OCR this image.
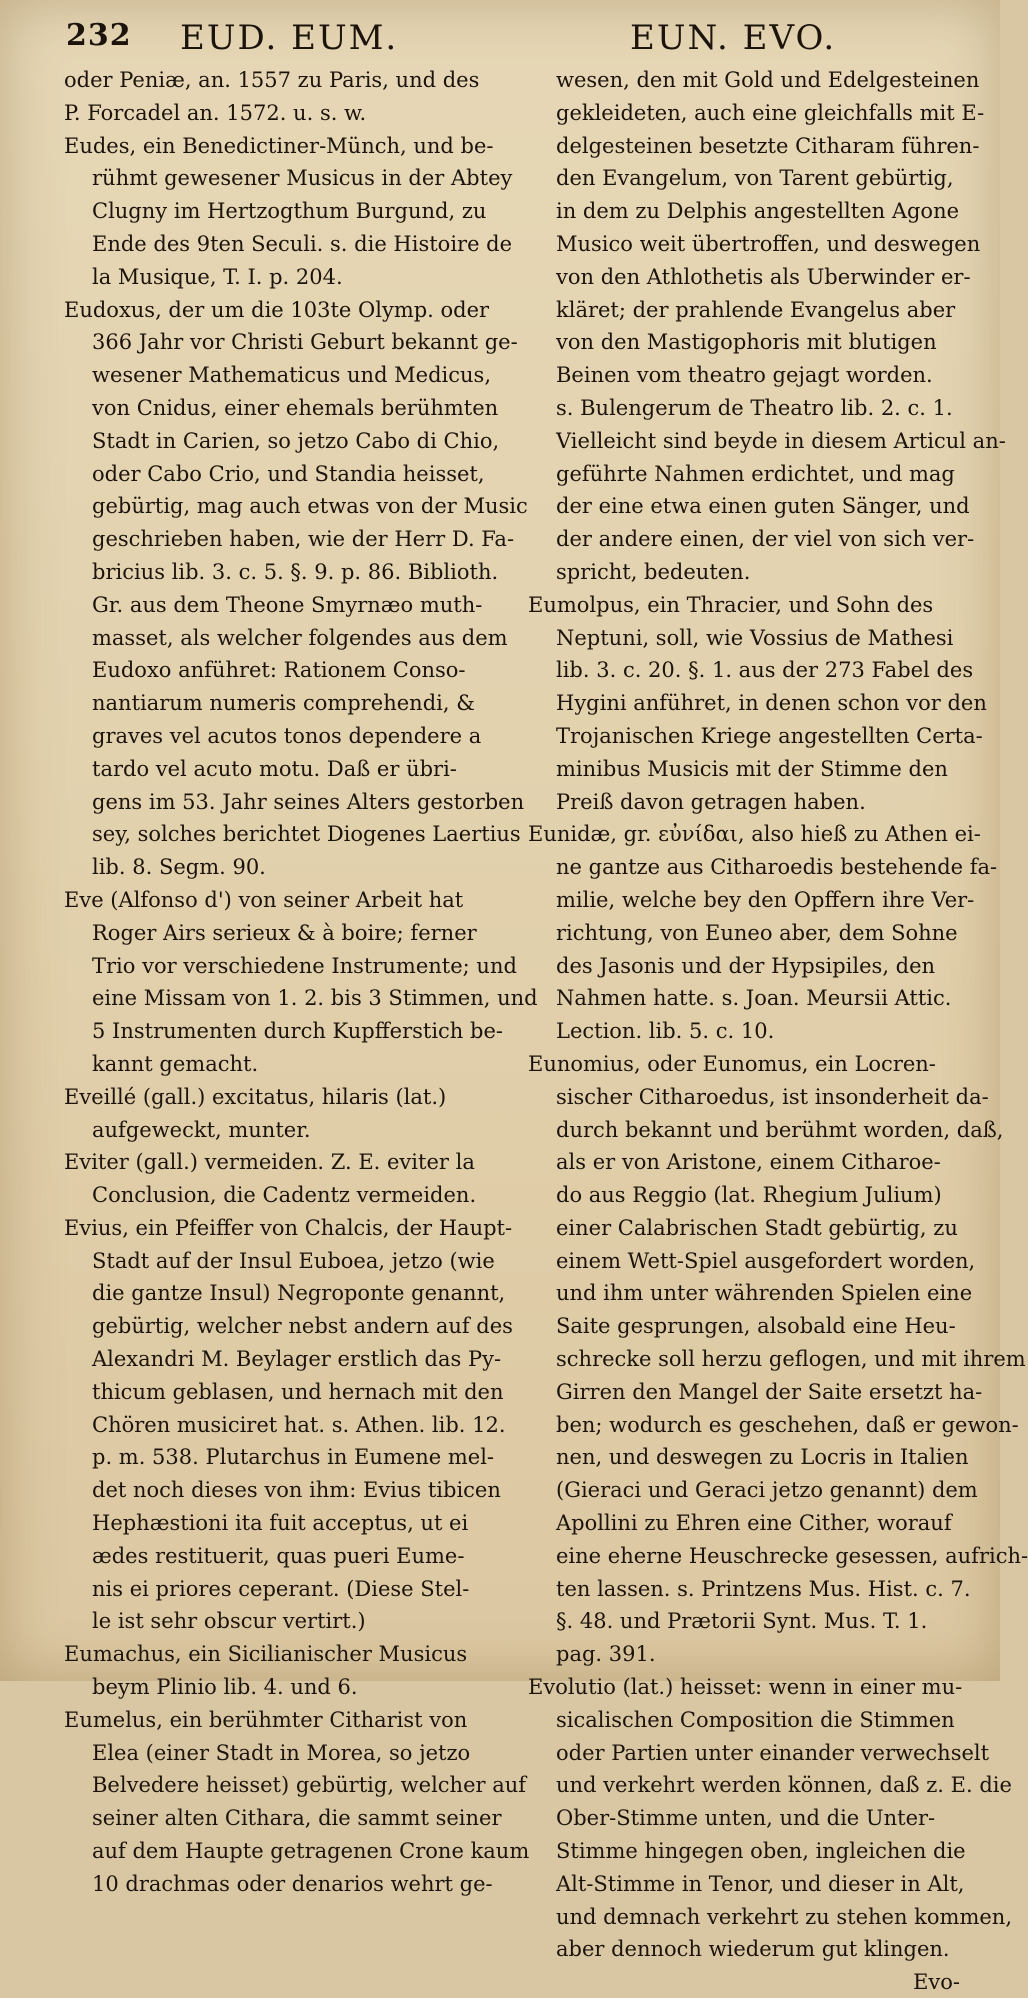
232 EUD. EUM.	EUN. EVO.
oder Peniæ, an. 1557 zu Paris, und des
P. Forcadel an. 1572. u. s. w.
Eudes, ein Benedictiner-Münch, und be-
rühmt gewesener Musicus in der Abtey
Clugny im Hertzogthum Burgund, zu
Ende des 9ten Seculi. s. die Histoire de
la Musique, T. I. p. 204.
Eudoxus, der um die 103te Olymp. oder
366 Jahr vor Christi Geburt bekannt ge-
wesener Mathematicus und Medicus,
von Cnidus, einer ehemals berühmten
Stadt in Carien, so jetzo Cabo di Chio,
oder Cabo Crio, und Standia heisset,
gebürtig, mag auch etwas von der Music
geschrieben haben, wie der Herr D. Fa-
bricius lib. 3. c. 5. §. 9. p. 86. Biblioth.
Gr. aus dem Theone Smyrnæo muth-
masset, als welcher folgendes aus dem
Eudoxo anführet: Rationem Conso-
nantiarum numeris comprehendi, &
graves vel acutos tonos dependere a
tardo vel acuto motu. Daß er übri-
gens im 53. Jahr seines Alters gestorben
sey, solches berichtet Diogenes Laertius
lib. 8. Segm. 90.
Eve (Alfonso d') von seiner Arbeit hat
Roger Airs serieux & à boire; ferner
Trio vor verschiedene Instrumente; und
eine Missam von 1. 2. bis 3 Stimmen, und
5 Instrumenten durch Kupfferstich be-
kannt gemacht.
Eveillé (gall.) excitatus, hilaris (lat.)
aufgeweckt, munter.
Eviter (gall.) vermeiden. Z. E. eviter la
Conclusion, die Cadentz vermeiden.
Evius, ein Pfeiffer von Chalcis, der Haupt-
Stadt auf der Insul Euboea, jetzo (wie
die gantze Insul) Negroponte genannt,
gebürtig, welcher nebst andern auf des
Alexandri M. Beylager erstlich das Py-
thicum geblasen, und hernach mit den
Chören musiciret hat. s. Athen. lib. 12.
p. m. 538. Plutarchus in Eumene mel-
det noch dieses von ihm: Evius tibicen
Hephæstioni ita fuit acceptus, ut ei
ædes restituerit, quas pueri Eume-
nis ei priores ceperant. (Diese Stel-
le ist sehr obscur vertirt.)
Eumachus, ein Sicilianischer Musicus
beym Plinio lib. 4. und 6.
Eumelus, ein berühmter Citharist von
Elea (einer Stadt in Morea, so jetzo
Belvedere heisset) gebürtig, welcher auf
seiner alten Cithara, die sammt seiner
auf dem Haupte getragenen Crone kaum
10 drachmas oder denarios wehrt ge-
wesen, den mit Gold und Edelgesteinen
gekleideten, auch eine gleichfalls mit E-
delgesteinen besetzte Citharam führen-
den Evangelum, von Tarent gebürtig,
in dem zu Delphis angestellten Agone
Musico weit übertroffen, und deswegen
von den Athlothetis als Uberwinder er-
kläret; der prahlende Evangelus aber
von den Mastigophoris mit blutigen
Beinen vom theatro gejagt worden.
s. Bulengerum de Theatro lib. 2. c. 1.
Vielleicht sind beyde in diesem Articul an-
geführte Nahmen erdichtet, und mag
der eine etwa einen guten Sänger, und
der andere einen, der viel von sich ver-
spricht, bedeuten.
Eumolpus, ein Thracier, und Sohn des
Neptuni, soll, wie Vossius de Mathesi
lib. 3. c. 20. §. 1. aus der 273 Fabel des
Hygini anführet, in denen schon vor den
Trojanischen Kriege angestellten Certa-
minibus Musicis mit der Stimme den
Preiß davon getragen haben.
Eunidæ, gr. εὐνίδαι, also hieß zu Athen ei-
ne gantze aus Citharoedis bestehende fa-
milie, welche bey den Opffern ihre Ver-
richtung, von Euneo aber, dem Sohne
des Jasonis und der Hypsipiles, den
Nahmen hatte. s. Joan. Meursii Attic.
Lection. lib. 5. c. 10.
Eunomius, oder Eunomus, ein Locren-
sischer Citharoedus, ist insonderheit da-
durch bekannt und berühmt worden, daß,
als er von Aristone, einem Citharoe-
do aus Reggio (lat. Rhegium Julium)
einer Calabrischen Stadt gebürtig, zu
einem Wett-Spiel ausgefordert worden,
und ihm unter währenden Spielen eine
Saite gesprungen, alsobald eine Heu-
schrecke soll herzu geflogen, und mit ihrem
Girren den Mangel der Saite ersetzt ha-
ben; wodurch es geschehen, daß er gewon-
nen, und deswegen zu Locris in Italien
(Gieraci und Geraci jetzo genannt) dem
Apollini zu Ehren eine Cither, worauf
eine eherne Heuschrecke gesessen, aufrich-
ten lassen. s. Printzens Mus. Hist. c. 7.
§. 48. und Prætorii Synt. Mus. T. 1.
pag. 391.
Evolutio (lat.) heisset: wenn in einer mu-
sicalischen Composition die Stimmen
oder Partien unter einander verwechselt
und verkehrt werden können, daß z. E. die
Ober-Stimme unten, und die Unter-
Stimme hingegen oben, ingleichen die
Alt-Stimme in Tenor, und dieser in Alt,
und demnach verkehrt zu stehen kommen,
aber dennoch wiederum gut klingen.
Evo-
